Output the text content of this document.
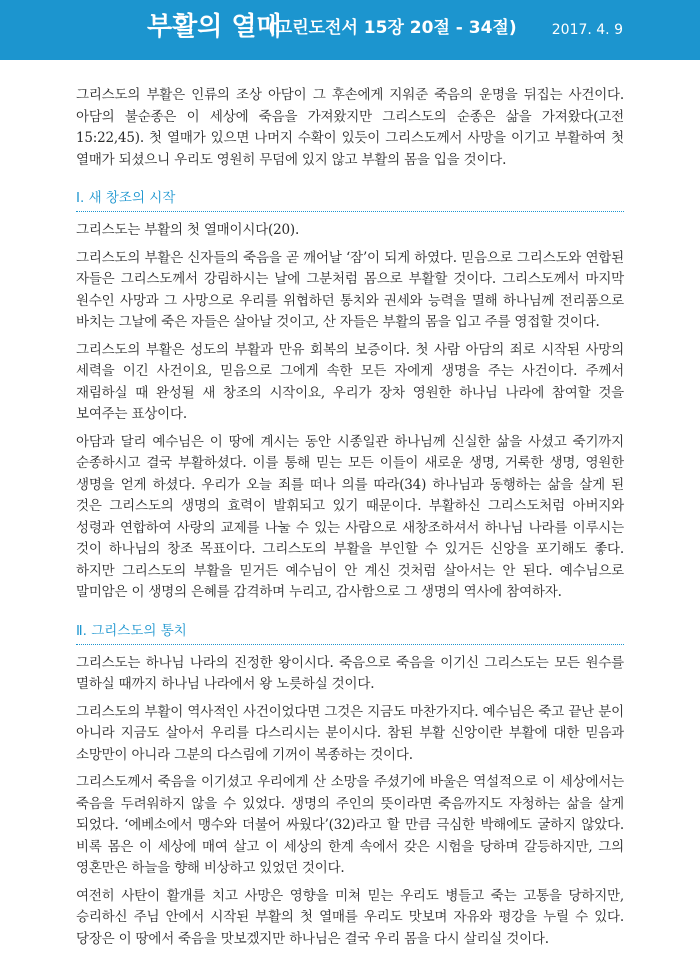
부활의 열매
(고린도전서 15장 20절 - 34절)	2017. 4. 9

그리스도의 부활은 인류의 조상 아담이 그 후손에게 지워준 죽음의 운명을 뒤집는 사건이다. 아담의 불순종은 이 세상에 죽음을 가져왔지만 그리스도의 순종은 삶을 가져왔다(고전 15:22,45). 첫 열매가 있으면 나머지 수확이 있듯이 그리스도께서 사망을 이기고 부활하여 첫 열매가 되셨으니 우리도 영원히 무덤에 있지 않고 부활의 몸을 입을 것이다.

Ⅰ. 새 창조의 시작

그리스도는 부활의 첫 열매이시다(20).

그리스도의 부활은 신자들의 죽음을 곧 깨어날 ‘잠’이 되게 하였다. 믿음으로 그리스도와 연합된 자들은 그리스도께서 강림하시는 날에 그분처럼 몸으로 부활할 것이다. 그리스도께서 마지막 원수인 사망과 그 사망으로 우리를 위협하던 통치와 권세와 능력을 멸해 하나님께 전리품으로 바치는 그날에 죽은 자들은 살아날 것이고, 산 자들은 부활의 몸을 입고 주를 영접할 것이다.

그리스도의 부활은 성도의 부활과 만유 회복의 보증이다. 첫 사람 아담의 죄로 시작된 사망의 세력을 이긴 사건이요, 믿음으로 그에게 속한 모든 자에게 생명을 주는 사건이다. 주께서 재림하실 때 완성될 새 창조의 시작이요, 우리가 장차 영원한 하나님 나라에 참여할 것을 보여주는 표상이다.

아담과 달리 예수님은 이 땅에 계시는 동안 시종일관 하나님께 신실한 삶을 사셨고 죽기까지 순종하시고 결국 부활하셨다. 이를 통해 믿는 모든 이들이 새로운 생명, 거룩한 생명, 영원한 생명을 얻게 하셨다. 우리가 오늘 죄를 떠나 의를 따라(34) 하나님과 동행하는 삶을 살게 된 것은 그리스도의 생명의 효력이 발휘되고 있기 때문이다. 부활하신 그리스도처럼 아버지와 성령과 연합하여 사랑의 교제를 나눌 수 있는 사람으로 새창조하셔서 하나님 나라를 이루시는 것이 하나님의 창조 목표이다. 그리스도의 부활을 부인할 수 있거든 신앙을 포기해도 좋다. 하지만 그리스도의 부활을 믿거든 예수님이 안 계신 것처럼 살아서는 안 된다. 예수님으로 말미암은 이 생명의 은혜를 감격하며 누리고, 감사함으로 그 생명의 역사에 참여하자.

Ⅱ. 그리스도의 통치

그리스도는 하나님 나라의 진정한 왕이시다. 죽음으로 죽음을 이기신 그리스도는 모든 원수를 멸하실 때까지 하나님 나라에서 왕 노릇하실 것이다.

그리스도의 부활이 역사적인 사건이었다면 그것은 지금도 마찬가지다. 예수님은 죽고 끝난 분이 아니라 지금도 살아서 우리를 다스리시는 분이시다. 참된 부활 신앙이란 부활에 대한 믿음과 소망만이 아니라 그분의 다스림에 기꺼이 복종하는 것이다.

그리스도께서 죽음을 이기셨고 우리에게 산 소망을 주셨기에 바울은 역설적으로 이 세상에서는 죽음을 두려워하지 않을 수 있었다. 생명의 주인의 뜻이라면 죽음까지도 자청하는 삶을 살게 되었다. ‘에베소에서 맹수와 더불어 싸웠다’(32)라고 할 만큼 극심한 박해에도 굴하지 않았다. 비록 몸은 이 세상에 매여 살고 이 세상의 한계 속에서 갖은 시험을 당하며 갈등하지만, 그의 영혼만은 하늘을 향해 비상하고 있었던 것이다.

여전히 사탄이 활개를 치고 사망은 영향을 미쳐 믿는 우리도 병들고 죽는 고통을 당하지만, 승리하신 주님 안에서 시작된 부활의 첫 열매를 우리도 맛보며 자유와 평강을 누릴 수 있다. 당장은 이 땅에서 죽음을 맛보겠지만 하나님은 결국 우리 몸을 다시 살리실 것이다.
